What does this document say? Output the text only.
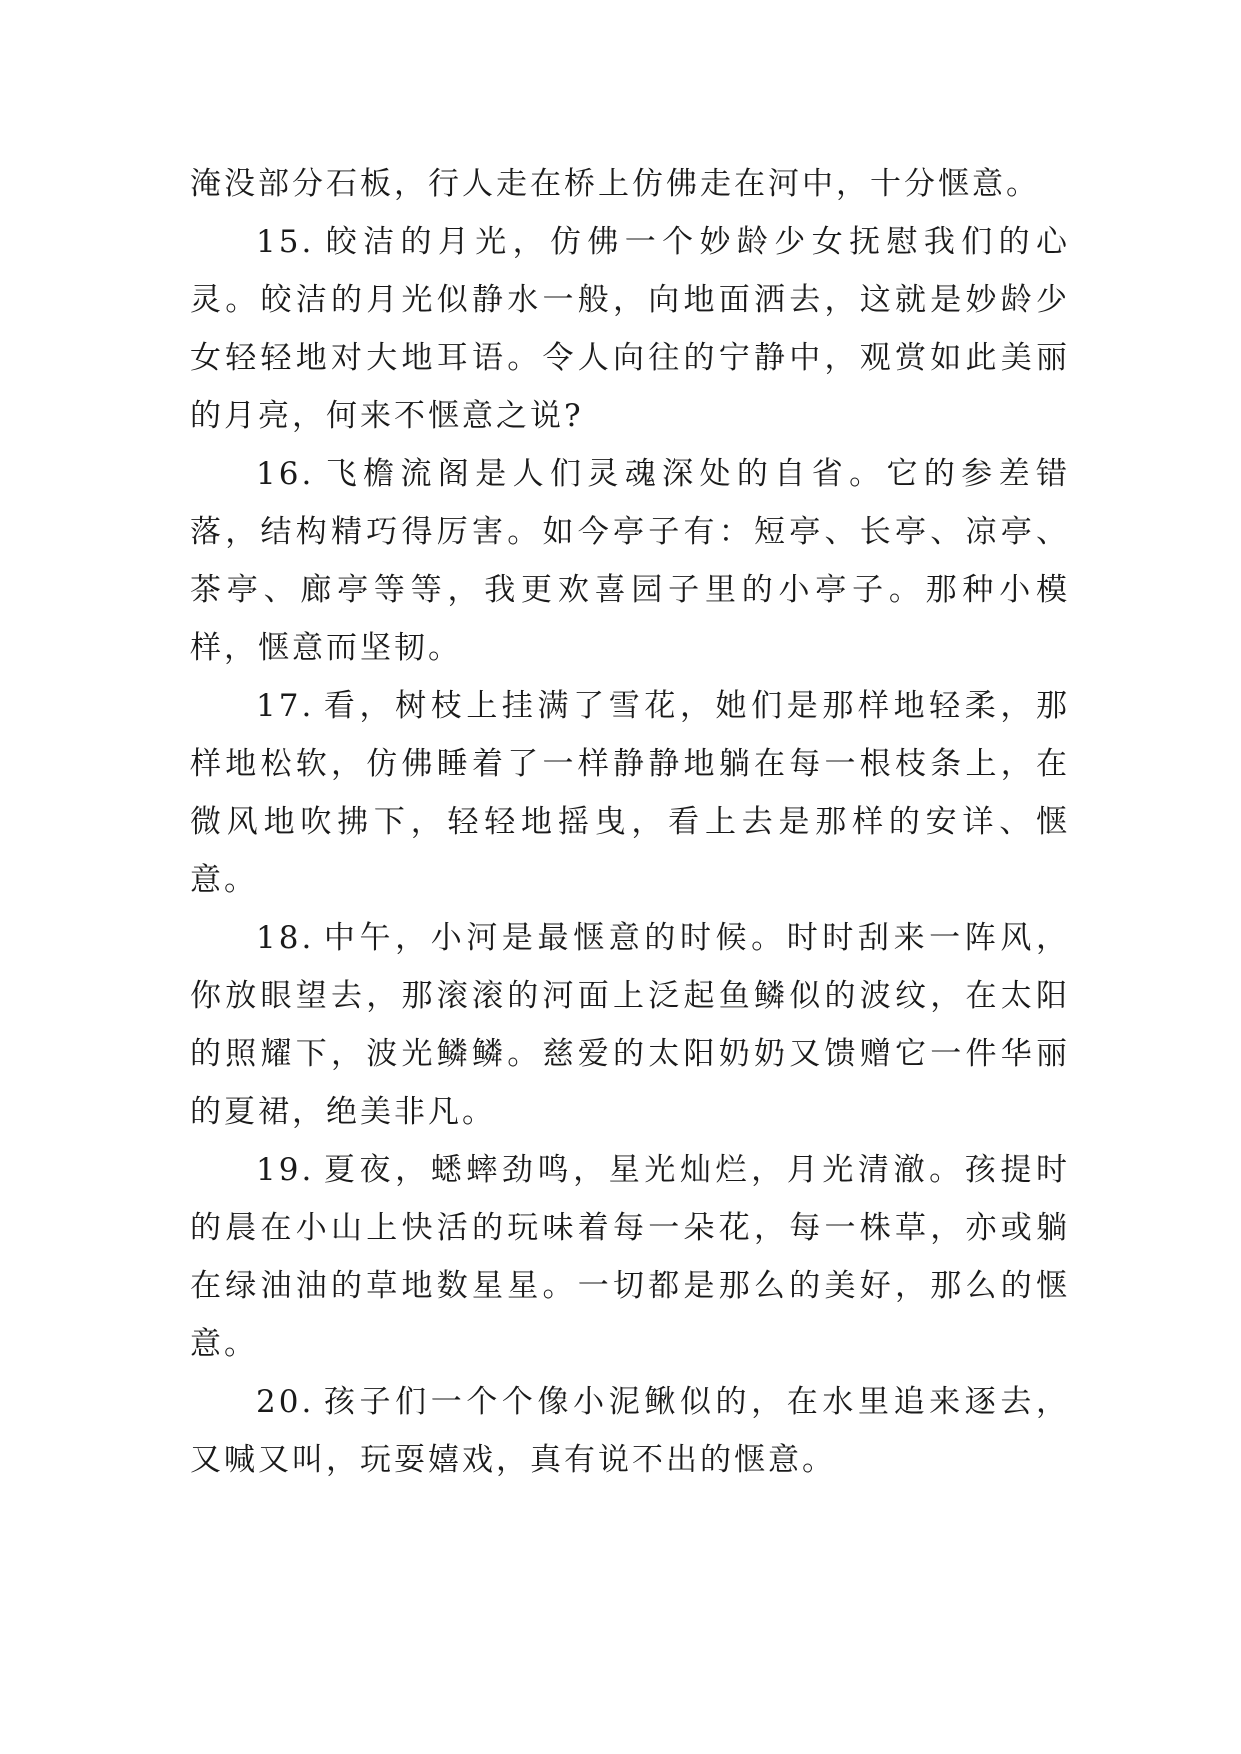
淹没部分石板，行人走在桥上仿佛走在河中，十分惬意。

15. 皎洁的月光，仿佛一个妙龄少女抚慰我们的心灵。皎洁的月光似静水一般，向地面洒去，这就是妙龄少女轻轻地对大地耳语。令人向往的宁静中，观赏如此美丽的月亮，何来不惬意之说?

16. 飞檐流阁是人们灵魂深处的自省。它的参差错落，结构精巧得厉害。如今亭子有：短亭、长亭、凉亭、茶亭、廊亭等等，我更欢喜园子里的小亭子。那种小模样，惬意而坚韧。

17. 看，树枝上挂满了雪花，她们是那样地轻柔，那样地松软，仿佛睡着了一样静静地躺在每一根枝条上，在微风地吹拂下，轻轻地摇曳，看上去是那样的安详、惬意。

18. 中午，小河是最惬意的时候。时时刮来一阵风，你放眼望去，那滚滚的河面上泛起鱼鳞似的波纹，在太阳的照耀下，波光鳞鳞。慈爱的太阳奶奶又馈赠它一件华丽的夏裙，绝美非凡。

19. 夏夜，蟋蟀劲鸣，星光灿烂，月光清澈。孩提时的晨在小山上快活的玩味着每一朵花，每一株草，亦或躺在绿油油的草地数星星。一切都是那么的美好，那么的惬意。

20. 孩子们一个个像小泥鳅似的，在水里追来逐去，又喊又叫，玩耍嬉戏，真有说不出的惬意。
